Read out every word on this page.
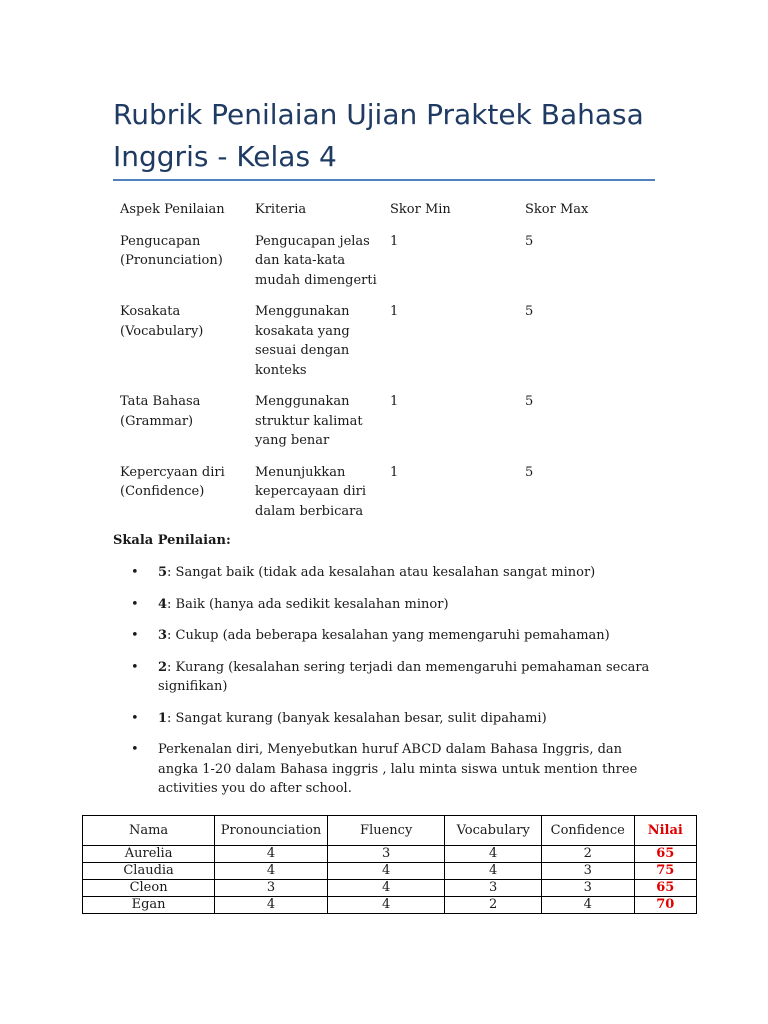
Rubrik Penilaian Ujian Praktek Bahasa Inggris - Kelas 4
Aspek Penilaian	Kriteria	Skor Min	Skor Max
Pengucapan (Pronunciation)	Pengucapan jelas dan kata-kata mudah dimengerti	1	5
Kosakata (Vocabulary)	Menggunakan kosakata yang sesuai dengan konteks	1	5
Tata Bahasa (Grammar)	Menggunakan struktur kalimat yang benar	1	5
Kepercyaan diri (Confidence)	Menunjukkan kepercayaan diri dalam berbicara	1	5

Skala Penilaian:

• 5: Sangat baik (tidak ada kesalahan atau kesalahan sangat minor)
• 4: Baik (hanya ada sedikit kesalahan minor)
• 3: Cukup (ada beberapa kesalahan yang memengaruhi pemahaman)
• 2: Kurang (kesalahan sering terjadi dan memengaruhi pemahaman secara signifikan)
• 1: Sangat kurang (banyak kesalahan besar, sulit dipahami)
• Perkenalan diri, Menyebutkan huruf ABCD dalam Bahasa Inggris, dan angka 1-20 dalam Bahasa inggris , lalu minta siswa untuk mention three activities you do after school.
Nama	Pronounciation	Fluency	Vocabulary	Confidence	Nilai
Aurelia	4	3	4	2	65
Claudia	4	4	4	3	75
Cleon	3	4	3	3	65
Egan	4	4	2	4	70
